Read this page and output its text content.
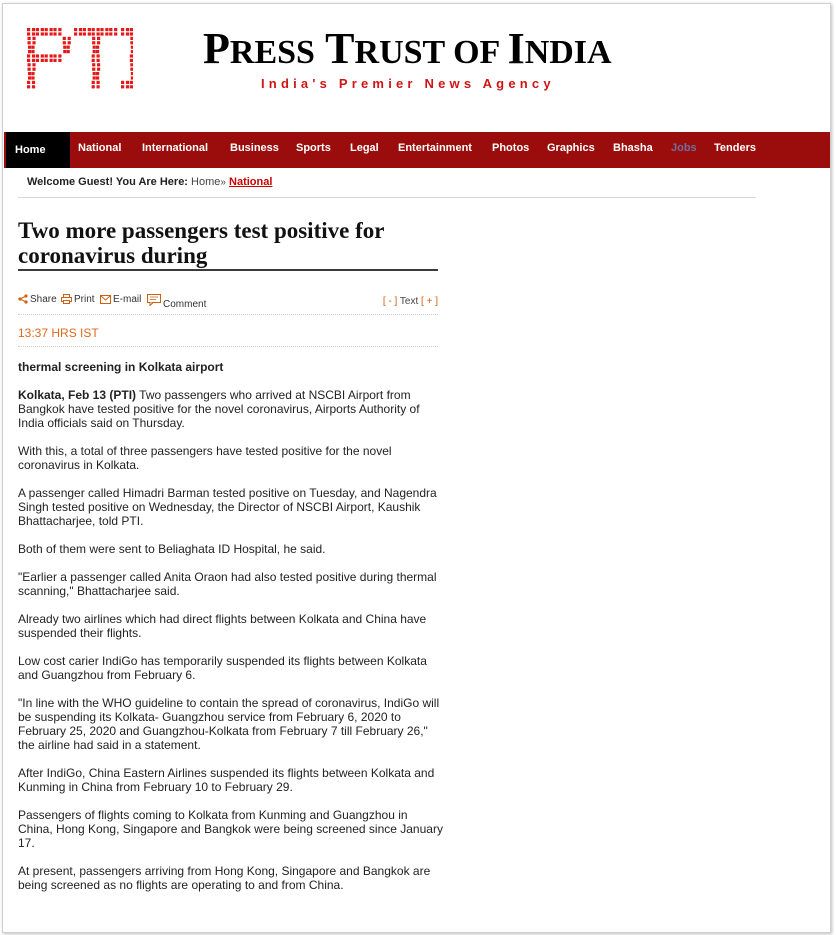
PRESS TRUST OF INDIA
India's Premier News Agency
Home	National International Business Sports Legal Entertainment Photos Graphics Bhasha Jobs Tenders
Welcome Guest! You Are Here: Home» National
Two more passengers test positive for coronavirus during
Share	Print	E-mail	Comment	[ - ] Text [ + ]
13:37 HRS IST
thermal screening in Kolkata airport

Kolkata, Feb 13 (PTI) Two passengers who arrived at NSCBI Airport from Bangkok have tested positive for the novel coronavirus, Airports Authority of India officials said on Thursday.

With this, a total of three passengers have tested positive for the novel coronavirus in Kolkata.

A passenger called Himadri Barman tested positive on Tuesday, and Nagendra Singh tested positive on Wednesday, the Director of NSCBI Airport, Kaushik Bhattacharjee, told PTI.

Both of them were sent to Beliaghata ID Hospital, he said.

"Earlier a passenger called Anita Oraon had also tested positive during thermal scanning," Bhattacharjee said.

Already two airlines which had direct flights between Kolkata and China have suspended their flights.

Low cost carier IndiGo has temporarily suspended its flights between Kolkata and Guangzhou from February 6.

"In line with the WHO guideline to contain the spread of coronavirus, IndiGo will be suspending its Kolkata- Guangzhou service from February 6, 2020 to February 25, 2020 and Guangzhou-Kolkata from February 7 till February 26," the airline had said in a statement.

After IndiGo, China Eastern Airlines suspended its flights between Kolkata and Kunming in China from February 10 to February 29.

Passengers of flights coming to Kolkata from Kunming and Guangzhou in China, Hong Kong, Singapore and Bangkok were being screened since January 17.

At present, passengers arriving from Hong Kong, Singapore and Bangkok are being screened as no flights are operating to and from China.
